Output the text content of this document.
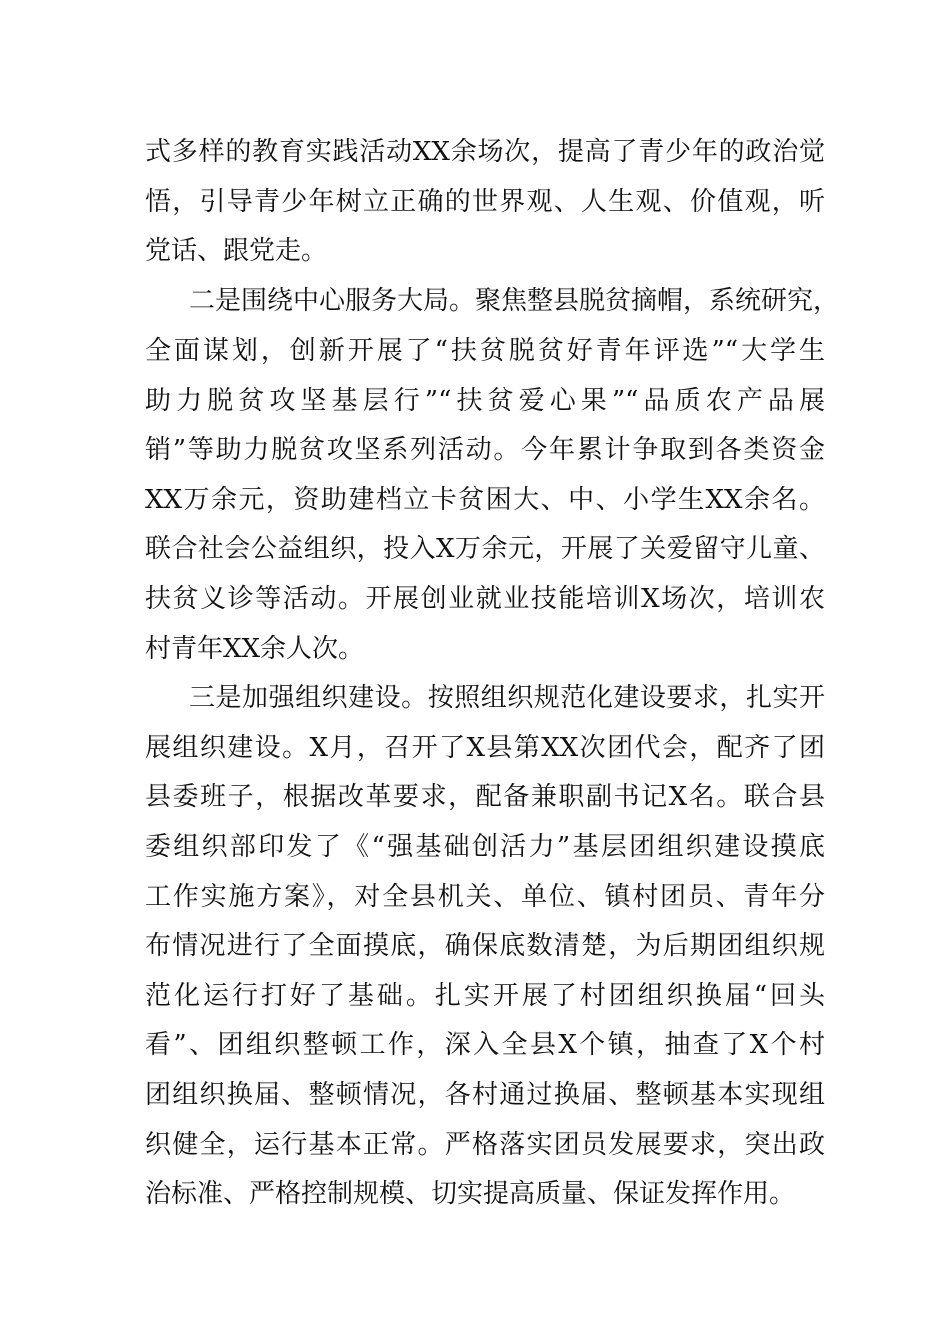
式多样的教育实践活动XX余场次，提高了青少年的政治觉
悟，引导青少年树立正确的世界观、人生观、价值观，听
党话、跟党走。
二是围绕中心服务大局。聚焦整县脱贫摘帽，系统研究，
全面谋划，创新开展了“扶贫脱贫好青年评选”“大学生
助力脱贫攻坚基层行”“扶贫爱心果”“品质农产品展
销”等助力脱贫攻坚系列活动。今年累计争取到各类资金
XX万余元，资助建档立卡贫困大、中、小学生XX余名。
联合社会公益组织，投入X万余元，开展了关爱留守儿童、
扶贫义诊等活动。开展创业就业技能培训X场次，培训农
村青年XX余人次。
三是加强组织建设。按照组织规范化建设要求，扎实开
展组织建设。X月，召开了X县第XX次团代会，配齐了团
县委班子，根据改革要求，配备兼职副书记X名。联合县
委组织部印发了《“强基础创活力”基层团组织建设摸底
工作实施方案》，对全县机关、单位、镇村团员、青年分
布情况进行了全面摸底，确保底数清楚，为后期团组织规
范化运行打好了基础。扎实开展了村团组织换届“回头
看”、团组织整顿工作，深入全县X个镇，抽查了X个村
团组织换届、整顿情况，各村通过换届、整顿基本实现组
织健全，运行基本正常。严格落实团员发展要求，突出政
治标准、严格控制规模、切实提高质量、保证发挥作用。
